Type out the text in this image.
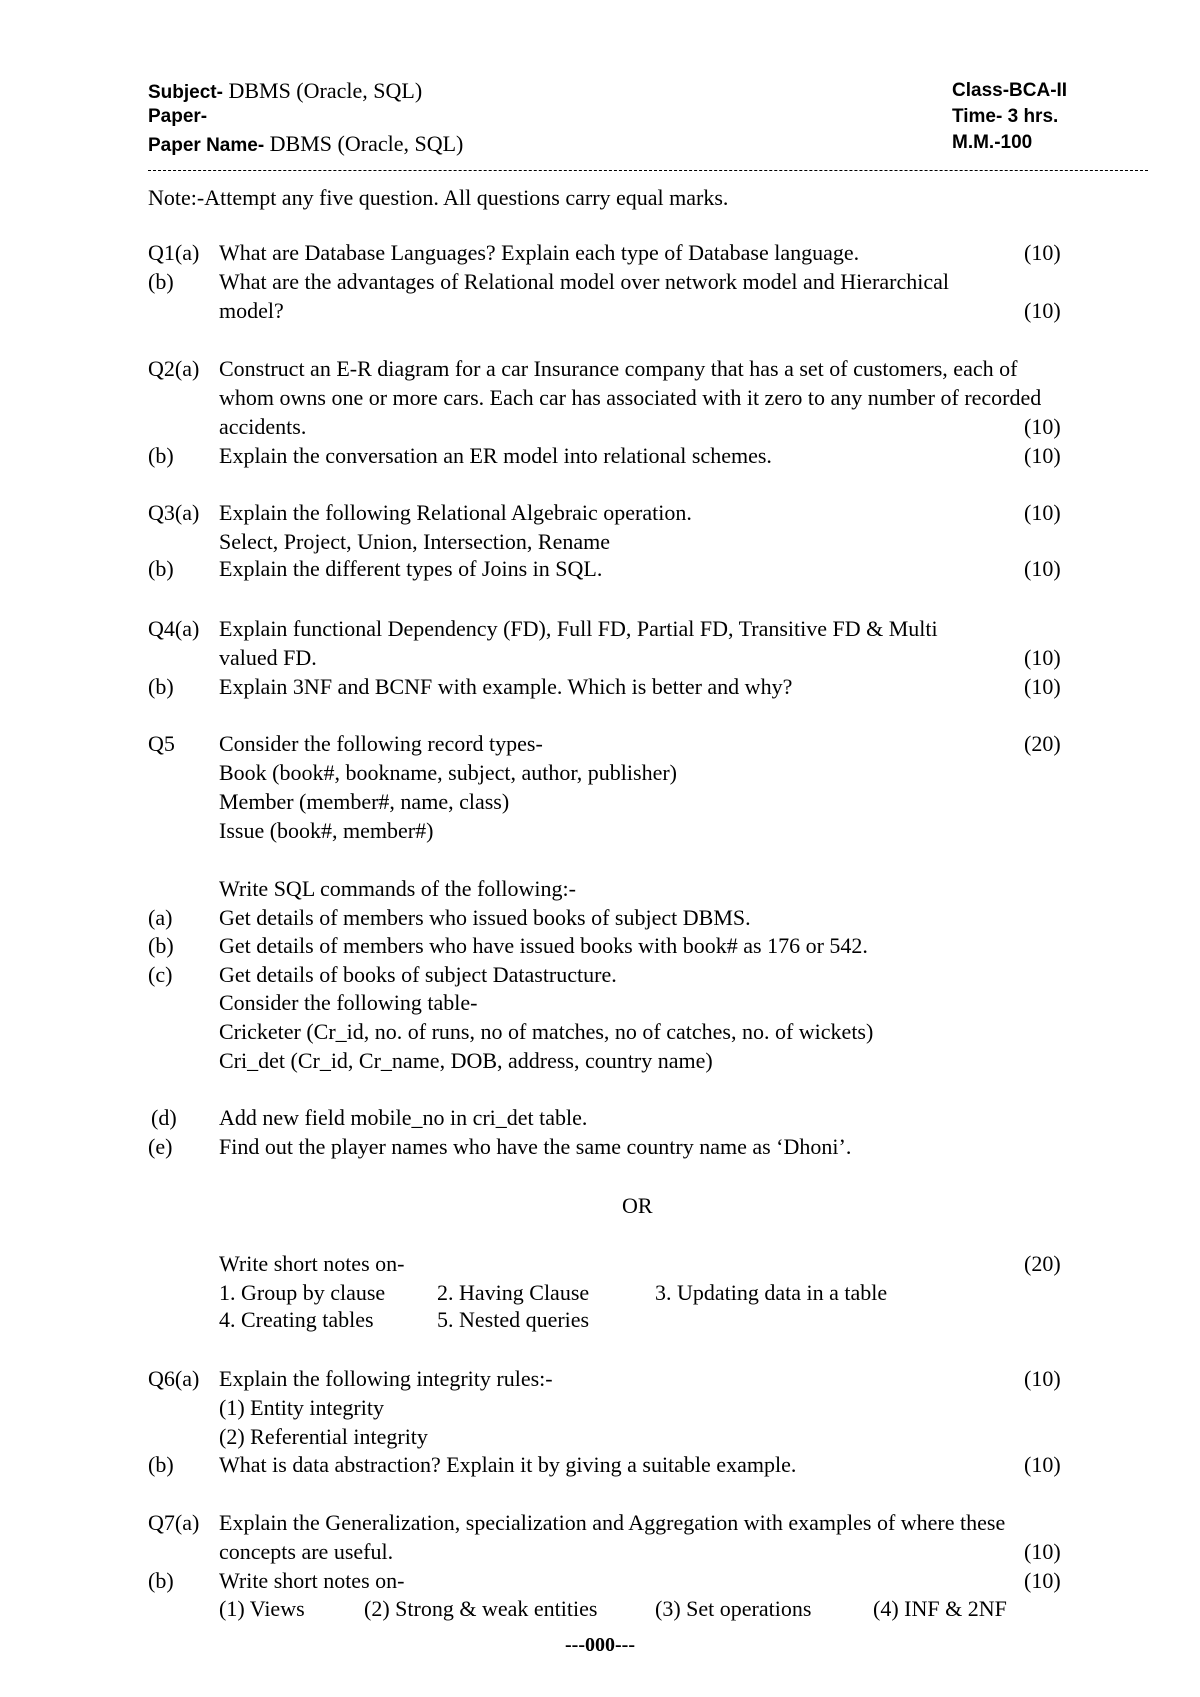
Subject- DBMS (Oracle, SQL)
Paper-
Paper Name- DBMS (Oracle, SQL)
Class-BCA-II
Time- 3 hrs.
M.M.-100
Note:-Attempt any five question. All questions carry equal marks.
Q1(a) What are Database Languages? Explain each type of Database language.	(10)
(b) What are the advantages of Relational model over network model and Hierarchical
model?	(10)
Q2(a) Construct an E-R diagram for a car Insurance company that has a set of customers, each of
whom owns one or more cars. Each car has associated with it zero to any number of recorded
accidents.	(10)
(b) Explain the conversation an ER model into relational schemes.	(10)
Q3(a) Explain the following Relational Algebraic operation.	(10)
Select, Project, Union, Intersection, Rename
(b) Explain the different types of Joins in SQL.	(10)
Q4(a) Explain functional Dependency (FD), Full FD, Partial FD, Transitive FD & Multi
valued FD.	(10)
(b) Explain 3NF and BCNF with example. Which is better and why?	(10)
Q5 Consider the following record types-	(20)
Book (book#, bookname, subject, author, publisher)
Member (member#, name, class)
Issue (book#, member#)
Write SQL commands of the following:-
(a) Get details of members who issued books of subject DBMS.
(b) Get details of members who have issued books with book# as 176 or 542.
(c) Get details of books of subject Datastructure.
Consider the following table-
Cricketer (Cr_id, no. of runs, no of matches, no of catches, no. of wickets)
Cri_det (Cr_id, Cr_name, DOB, address, country name)
(d) Add new field mobile_no in cri_det table.
(e) Find out the player names who have the same country name as ‘Dhoni’.
OR
Write short notes on-	(20)
1. Group by clause 2. Having Clause	3. Updating data in a table
4. Creating tables	5. Nested queries
Q6(a) Explain the following integrity rules:-	(10)
(1) Entity integrity
(2) Referential integrity
(b) What is data abstraction? Explain it by giving a suitable example.	(10)
Q7(a) Explain the Generalization, specialization and Aggregation with examples of where these
concepts are useful.	(10)
(b) Write short notes on-	(10)
(1) Views	(2) Strong & weak entities	(3) Set operations	(4) INF & 2NF
---000---
